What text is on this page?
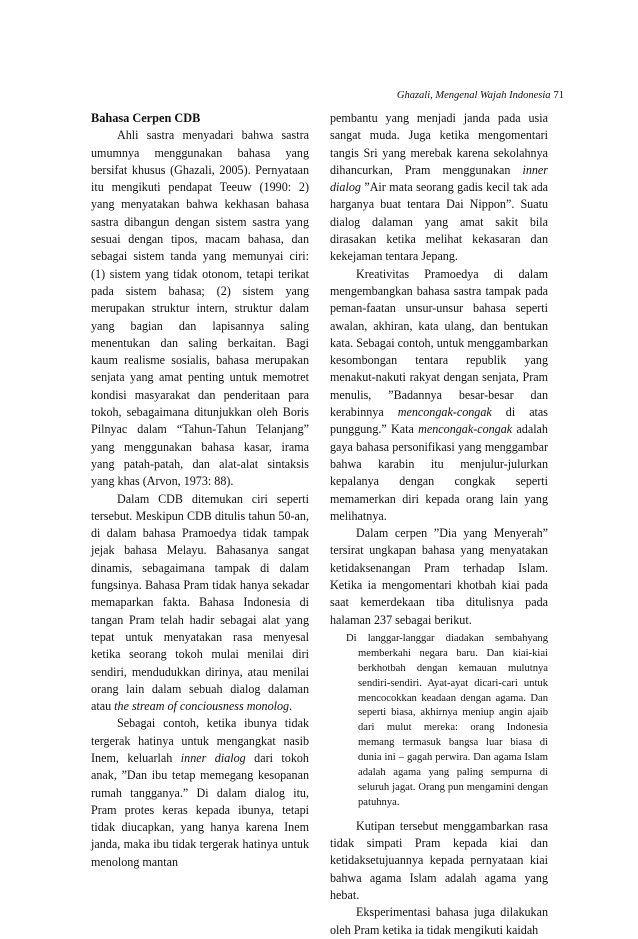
Ghazali, Mengenal Wajah Indonesia 71

Bahasa Cerpen CDB

Ahli sastra menyadari bahwa sastra umumnya menggunakan bahasa yang bersifat khusus (Ghazali, 2005). Pernyataan itu mengikuti pendapat Teeuw (1990: 2) yang menyatakan bahwa kekhasan bahasa sastra dibangun dengan sistem sastra yang sesuai dengan tipos, macam bahasa, dan sebagai sistem tanda yang memunyai ciri: (1) sistem yang tidak otonom, tetapi terikat pada sistem bahasa; (2) sistem yang merupakan struktur intern, struktur dalam yang bagian dan lapisannya saling menentukan dan saling berkaitan. Bagi kaum realisme sosialis, bahasa merupakan senjata yang amat penting untuk memotret kondisi masyarakat dan penderitaan para tokoh, sebagaimana ditunjukkan oleh Boris Pilnyac dalam “Tahun-Tahun Telanjang” yang menggunakan bahasa kasar, irama yang patah-patah, dan alat-alat sintaksis yang khas (Arvon, 1973: 88).

Dalam CDB ditemukan ciri seperti tersebut. Meskipun CDB ditulis tahun 50-an, di dalam bahasa Pramoedya tidak tampak jejak bahasa Melayu. Bahasanya sangat dinamis, sebagaimana tampak di dalam fungsinya. Bahasa Pram tidak hanya sekadar memaparkan fakta. Bahasa Indonesia di tangan Pram telah hadir sebagai alat yang tepat untuk menyatakan rasa menyesal ketika seorang tokoh mulai menilai diri sendiri, mendudukkan dirinya, atau menilai orang lain dalam sebuah dialog dalaman atau the stream of conciousness monolog.

Sebagai contoh, ketika ibunya tidak tergerak hatinya untuk mengangkat nasib Inem, keluarlah inner dialog dari tokoh anak, ”Dan ibu tetap memegang kesopanan rumah tangganya.” Di dalam dialog itu, Pram protes keras kepada ibunya, tetapi tidak diucapkan, yang hanya karena Inem janda, maka ibu tidak tergerak hatinya untuk menolong mantan

pembantu yang menjadi janda pada usia sangat muda. Juga ketika mengomentari tangis Sri yang merebak karena sekolahnya dihancurkan, Pram menggunakan inner dialog ”Air mata seorang gadis kecil tak ada harganya buat tentara Dai Nippon”. Suatu dialog dalaman yang amat sakit bila dirasakan ketika melihat kekasaran dan kekejaman tentara Jepang.

Kreativitas Pramoedya di dalam mengembangkan bahasa sastra tampak pada peman-faatan unsur-unsur bahasa seperti awalan, akhiran, kata ulang, dan bentukan kata. Sebagai contoh, untuk menggambarkan kesombongan tentara republik yang menakut-nakuti rakyat dengan senjata, Pram menulis, ”Badannya besar-besar dan kerabinnya mencongak-congak di atas punggung.” Kata mencongak-congak adalah gaya bahasa personifikasi yang menggambar bahwa karabin itu menjulur-julurkan kepalanya dengan congkak seperti memamerkan diri kepada orang lain yang melihatnya.

Dalam cerpen ”Dia yang Menyerah” tersirat ungkapan bahasa yang menyatakan ketidaksenangan Pram terhadap Islam. Ketika ia mengomentari khotbah kiai pada saat kemerdekaan tiba ditulisnya pada halaman 237 sebagai berikut.

Di langgar-langgar diadakan sembahyang memberkahi negara baru. Dan kiai-kiai berkhotbah dengan kemauan mulutnya sendiri-sendiri. Ayat-ayat dicari-cari untuk mencocokkan keadaan dengan agama. Dan seperti biasa, akhirnya meniup angin ajaib dari mulut mereka: orang Indonesia memang termasuk bangsa luar biasa di dunia ini – gagah perwira. Dan agama Islam adalah agama yang paling sempurna di seluruh jagat. Orang pun mengamini dengan patuhnya.

Kutipan tersebut menggambarkan rasa tidak simpati Pram kepada kiai dan ketidaksetujuannya kepada pernyataan kiai bahwa agama Islam adalah agama yang hebat.

Eksperimentasi bahasa juga dilakukan oleh Pram ketika ia tidak mengikuti kaidah
